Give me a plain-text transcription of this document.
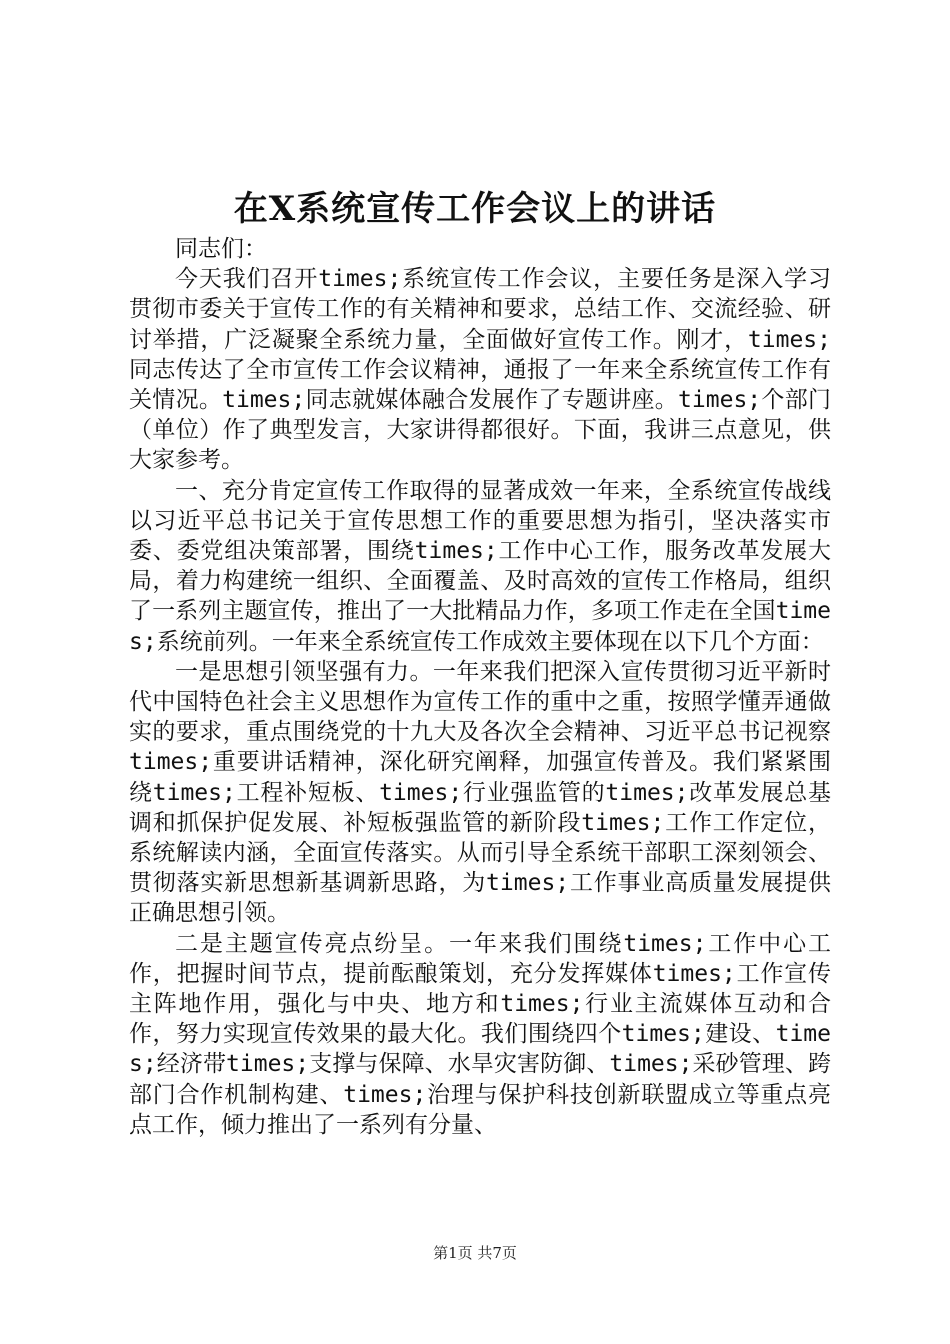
在X系统宣传工作会议上的讲话

同志们：

今天我们召开times;系统宣传工作会议，主要任务是深入学习贯彻市委关于宣传工作的有关精神和要求，总结工作、交流经验、研讨举措，广泛凝聚全系统力量，全面做好宣传工作。刚才，times;同志传达了全市宣传工作会议精神，通报了一年来全系统宣传工作有关情况。times;同志就媒体融合发展作了专题讲座。times;个部门（单位）作了典型发言，大家讲得都很好。下面，我讲三点意见，供大家参考。

一、充分肯定宣传工作取得的显著成效一年来，全系统宣传战线以习近平总书记关于宣传思想工作的重要思想为指引，坚决落实市委、委党组决策部署，围绕times;工作中心工作，服务改革发展大局，着力构建统一组织、全面覆盖、及时高效的宣传工作格局，组织了一系列主题宣传，推出了一大批精品力作，多项工作走在全国times;系统前列。一年来全系统宣传工作成效主要体现在以下几个方面：

一是思想引领坚强有力。一年来我们把深入宣传贯彻习近平新时代中国特色社会主义思想作为宣传工作的重中之重，按照学懂弄通做实的要求，重点围绕党的十九大及各次全会精神、习近平总书记视察times;重要讲话精神，深化研究阐释，加强宣传普及。我们紧紧围绕times;工程补短板、times;行业强监管的times;改革发展总基调和抓保护促发展、补短板强监管的新阶段times;工作工作定位，系统解读内涵，全面宣传落实。从而引导全系统干部职工深刻领会、贯彻落实新思想新基调新思路，为times;工作事业高质量发展提供正确思想引领。

二是主题宣传亮点纷呈。一年来我们围绕times;工作中心工作，把握时间节点，提前酝酿策划，充分发挥媒体times;工作宣传主阵地作用，强化与中央、地方和times;行业主流媒体互动和合作，努力实现宣传效果的最大化。我们围绕四个times;建设、times;经济带times;支撑与保障、水旱灾害防御、times;采砂管理、跨部门合作机制构建、times;治理与保护科技创新联盟成立等重点亮点工作，倾力推出了一系列有分量、

第1页 共7页
